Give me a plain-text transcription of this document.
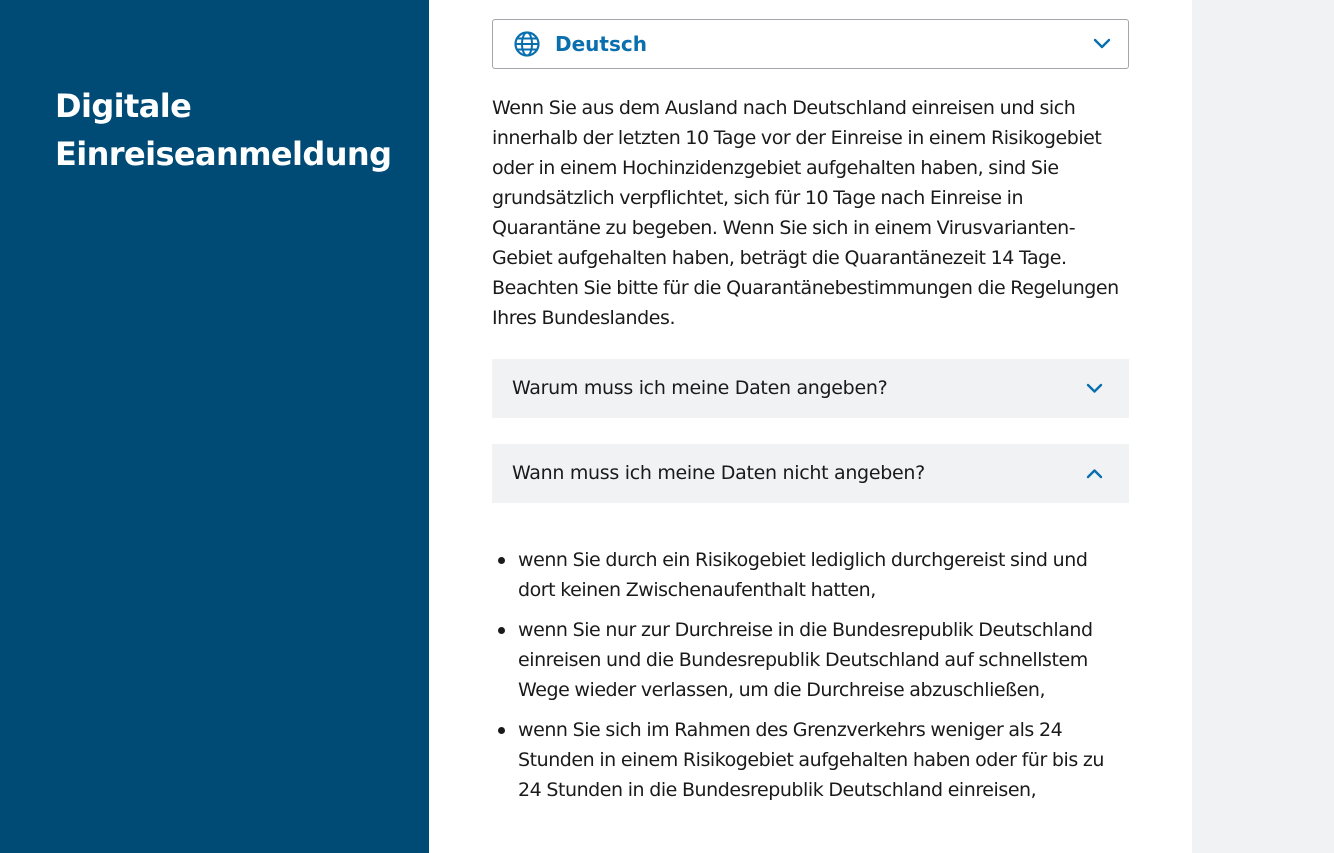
Digitale Einreiseanmeldung
Deutsch

Wenn Sie aus dem Ausland nach Deutschland einreisen und sich innerhalb der letzten 10 Tage vor der Einreise in einem Risikogebiet oder in einem Hochinzidenzgebiet aufgehalten haben, sind Sie grundsätzlich verpflichtet, sich für 10 Tage nach Einreise in Quarantäne zu begeben. Wenn Sie sich in einem Virusvarianten-Gebiet aufgehalten haben, beträgt die Quarantänezeit 14 Tage. Beachten Sie bitte für die Quarantänebestimmungen die Regelungen Ihres Bundeslandes.

Warum muss ich meine Daten angeben?
Wann muss ich meine Daten nicht angeben?
wenn Sie durch ein Risikogebiet lediglich durchgereist sind und dort keinen Zwischenaufenthalt hatten,
wenn Sie nur zur Durchreise in die Bundesrepublik Deutschland einreisen und die Bundesrepublik Deutschland auf schnellstem Wege wieder verlassen, um die Durchreise abzuschließen,
wenn Sie sich im Rahmen des Grenzverkehrs weniger als 24 Stunden in einem Risikogebiet aufgehalten haben oder für bis zu 24 Stunden in die Bundesrepublik Deutschland einreisen,
